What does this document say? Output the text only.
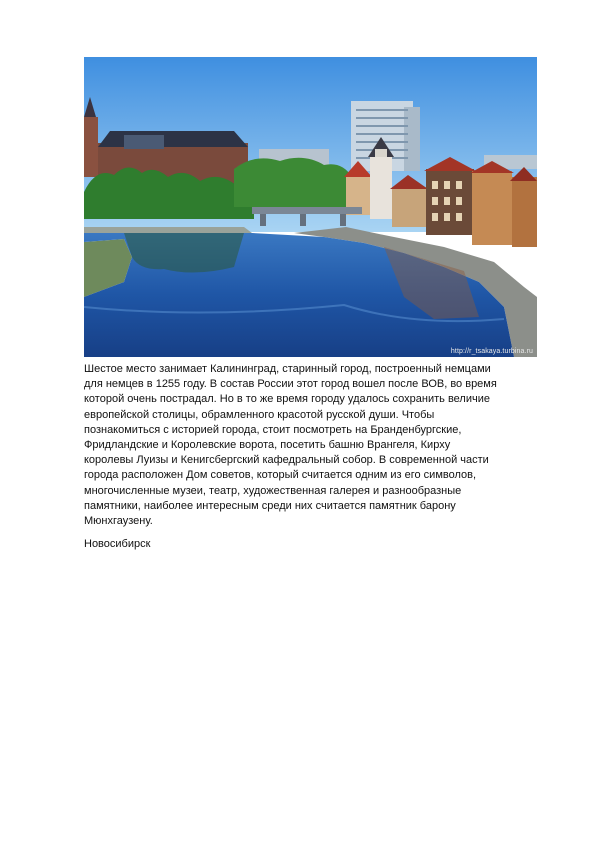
http://r_tsakaya.turbina.ru

Шестое место занимает Калининград, старинный город, построенный немцами
для немцев в 1255 году. В состав России этот город вошел после ВОВ, во время
которой очень пострадал. Но в то же время городу удалось сохранить величие
европейской столицы, обрамленного красотой русской души. Чтобы
познакомиться с историей города, стоит посмотреть на Бранденбургские,
Фридландские и Королевские ворота, посетить башню Врангеля, Кирху
королевы Луизы и Кенигсбергский кафедральный собор. В современной части
города расположен Дом советов, который считается одним из его символов,
многочисленные музеи, театр, художественная галерея и разнообразные
памятники, наиболее интересным среди них считается памятник барону
Мюнхгаузену.

Новосибирск
